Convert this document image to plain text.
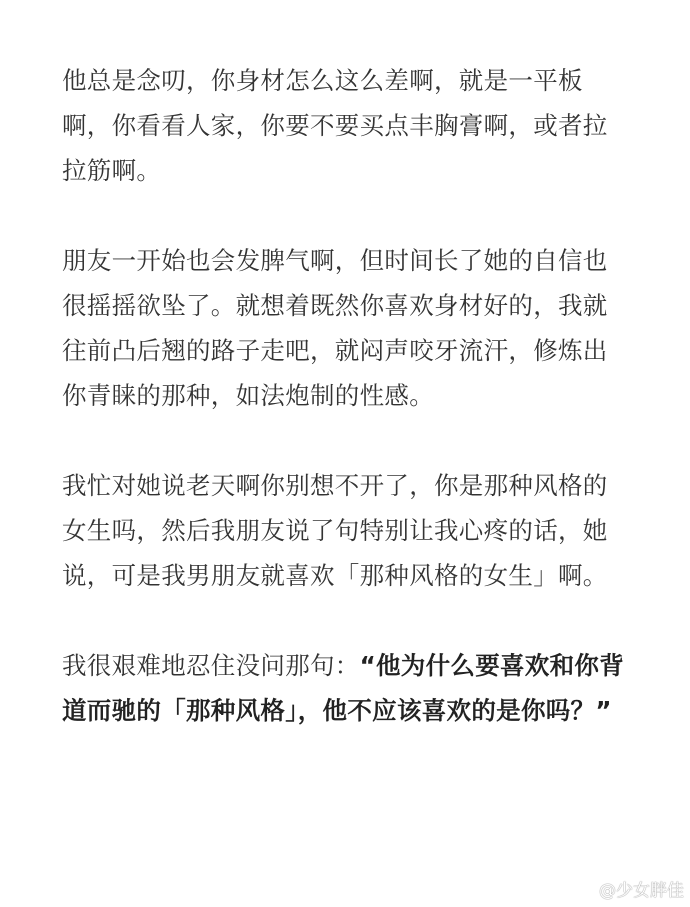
他总是念叨，你身材怎么这么差啊，就是一平板啊，你看看人家，你要不要买点丰胸膏啊，或者拉拉筋啊。

朋友一开始也会发脾气啊，但时间长了她的自信也很摇摇欲坠了。就想着既然你喜欢身材好的，我就往前凸后翘的路子走吧，就闷声咬牙流汗，修炼出你青睐的那种，如法炮制的性感。

我忙对她说老天啊你别想不开了，你是那种风格的女生吗，然后我朋友说了句特别让我心疼的话，她说，可是我男朋友就喜欢「那种风格的女生」啊。

我很艰难地忍住没问那句：“他为什么要喜欢和你背道而驰的「那种风格」，他不应该喜欢的是你吗？”

@少女胖佳
